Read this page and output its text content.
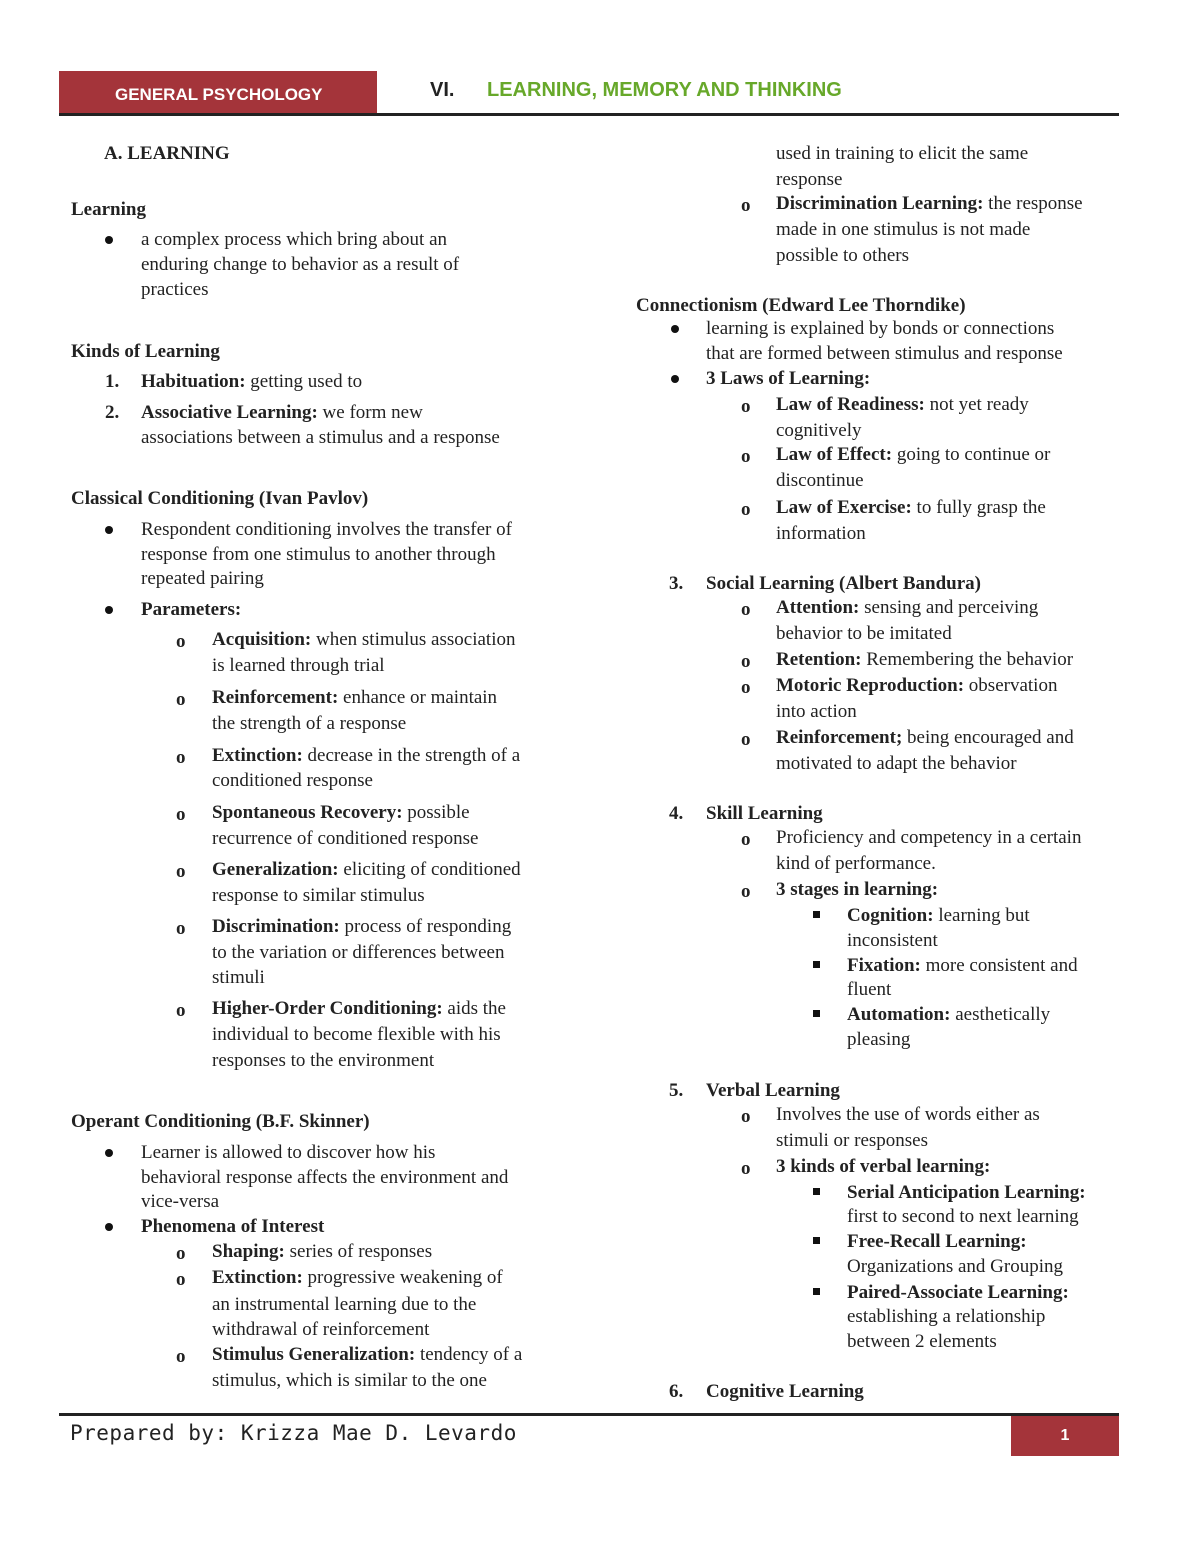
GENERAL PSYCHOLOGY	VI.	LEARNING, MEMORY AND THINKING
A. LEARNING
Learning
a complex process which bring about an
enduring change to behavior as a result of
practices
Kinds of Learning
1. Habituation: getting used to
2. Associative Learning: we form new
associations between a stimulus and a response
Classical Conditioning (Ivan Pavlov)
Respondent conditioning involves the transfer of
response from one stimulus to another through
repeated pairing
Parameters:
o Acquisition: when stimulus association
is learned through trial
o Reinforcement: enhance or maintain
the strength of a response
o Extinction: decrease in the strength of a
conditioned response
o Spontaneous Recovery: possible
recurrence of conditioned response
o Generalization: eliciting of conditioned
response to similar stimulus
o Discrimination: process of responding
to the variation or differences between
stimuli
o Higher-Order Conditioning: aids the
individual to become flexible with his
responses to the environment
Operant Conditioning (B.F. Skinner)
Learner is allowed to discover how his
behavioral response affects the environment and
vice-versa
Phenomena of Interest
o Shaping: series of responses
o Extinction: progressive weakening of
an instrumental learning due to the
withdrawal of reinforcement
o Stimulus Generalization: tendency of a
stimulus, which is similar to the one
used in training to elicit the same
response
o Discrimination Learning: the response
made in one stimulus is not made
possible to others
Connectionism (Edward Lee Thorndike)
learning is explained by bonds or connections
that are formed between stimulus and response
3 Laws of Learning:
o Law of Readiness: not yet ready
cognitively
o Law of Effect: going to continue or
discontinue
o Law of Exercise: to fully grasp the
information
3. Social Learning (Albert Bandura)
o Attention: sensing and perceiving
behavior to be imitated
o Retention: Remembering the behavior
o Motoric Reproduction: observation
into action
o Reinforcement; being encouraged and
motivated to adapt the behavior
4. Skill Learning
o Proficiency and competency in a certain
kind of performance.
o 3 stages in learning:
Cognition: learning but
inconsistent
Fixation: more consistent and
fluent
Automation: aesthetically
pleasing
5. Verbal Learning
o Involves the use of words either as
stimuli or responses
o 3 kinds of verbal learning:
Serial Anticipation Learning:
first to second to next learning
Free-Recall Learning:
Organizations and Grouping
Paired-Associate Learning:
establishing a relationship
between 2 elements
6. Cognitive Learning
Prepared by: Krizza Mae D. Levardo	1
